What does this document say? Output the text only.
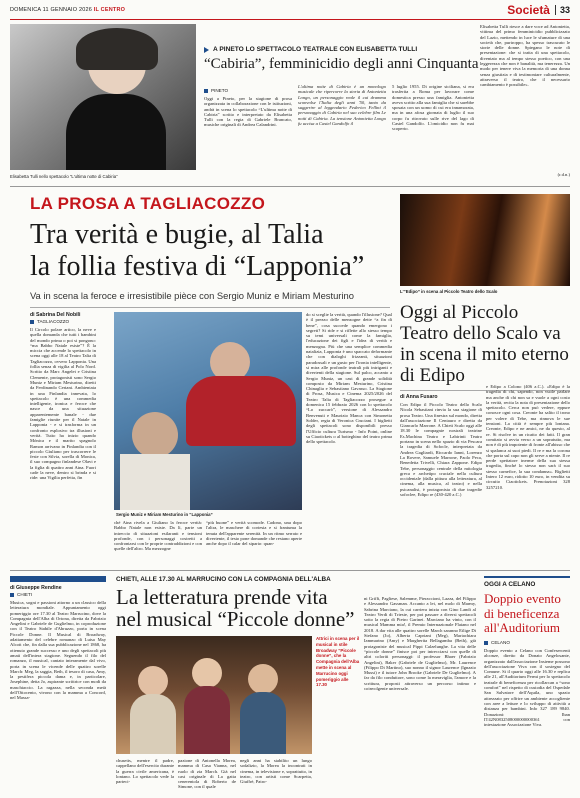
DOMENICA 11 GENNAIO 2026 IL CENTRO	Società	33
Elisabetta Tulli nello spettacolo “L'ultima notte di Cabiria”
A PINETO LO SPETTACOLO TEATRALE CON ELISABETTA TULLI
“Cabiria”, femminicidio degli anni Cinquanta
PINETO
Oggi a Pineto, per la stagione di prosa organizzata in collaborazione con le istituzioni, andrà in scena lo spettacolo “L'ultima notte di Cabiria” scritto e interpretato da Elisabetta Tulli con la regia di Gabriele Brancato, musiche originali di Andrea Calandrini.
L'ultima notte di Cabiria è un monologo musicale che ripercorre la storia di Antonietta Longo, un personaggio reale il cui dramma sconvolse l'Italia degli anni '50, tanto da suggerire al leggendario Federico Fellini il personaggio di Cabiria nel suo celebre film Le notti di Cabiria. La tensione Antonietta Longo fu uccisa a Castel Gandolfo il
5 luglio 1955. Di origine siciliana, si era trasferita a Roma per lavorare come domestica presso una famiglia. Antonietta aveva scritto alla sua famiglia che si sarebbe sposata con un uomo di cui era innamorata, ma in una afosa giornata di luglio il suo corpo fu ritrovato sulle rive del lago di Castel Gandolfo. L'omicidio non fu mai scoperto.
Elisabetta Tulli riesce a dare voce ad Antonietta, vittima del primo femminicidio pubblicizzato del Lazio, mettendo in luce le sfumature di una società che, purtroppo, ha spesso trascurato le storie delle donne. Spiegano le note di presentazione: che si tratta di una spettacolo, diventato ma al tempo stesso poetico, con una leggerezza che non è banalità, ma tenerezza. Un modo per tenere viva la memoria di una donna senza giustizia e di testimoniare culturalmente, attraverso il teatro, che il necessario cambiamento è possibile».
(r.d.n.)
LA PROSA A TAGLIACOZZO
Tra verità e bugie, al Talia
la follia festiva di “Lapponia”
Va in scena la feroce e irresistibile pièce con Sergio Muniz e Miriam Mesturino
di Sabrina Del Nobili
TAGLIACOZZO
Il Circolo polare artico, la neve e quella domanda che tutti i bambini del mondo prima o poi si pongono: “ma Babbo Natale esiste”? È la miccia che accende lo spettacolo in scena oggi alle 18 al Teatro Talia di Tagliacozzo, ovvero Lapponia. Una follia senza di vigilia al Polo Nord. Scritto da Marc Angelet e Cristina Clemente, protagonisti sono Sergio Muniz e Miriam Mesturino, diretti da Ferdinando Ceriani. Ambientata in una Finlandia innevata, lo spettacolo è una commedia intelligente, ironica e feroce che nasce da una situazione apparentemente banale - due famiglie riunite per il Natale in Lapponia - e si trasforma in un confronto esplosivo tra illusioni e verità. Tutto ha inizio quando Mónica e il marito spagnolo Ramon arrivano in Finlandia con il piccolo Giuliano per trascorrere le feste con Silvia, sorella di Monica, il suo compagno finlandese Olavi e la figlia di quattro anni Aina. Fuori cade la neve, dentro si brinda e si ride: una Vigilia perfetta, fin
Sergio Muniz e Miriam Mesturino in “Lapponia”
ché Aina rivela a Giuliano la feroce verità: Babbo Natale non esiste. Da lì, parte un intreccio di situazioni esilaranti e tensioni profonde, con i personaggi costretti a confrontarsi con le proprie contraddizioni e con quelle dell'altro. Ma mezzogne
“più buone” e verità scomode. Cadono, una dopo l'altra, le maschere di cortesia e si frantuma la tenuta dell'apparente serenità. In un ritmo serrato e divertente, il testo pone domande che restano aperte anche dopo il calar del sipario: quan-
do si sceglie la verità, quando l'illusione? Qual è il prezzo delle menzogne dette “a fin di bene”, cosa succede quando emergono i segreti? Si ride e si riflette allo stesso tempo su temi universali come la famiglia, l'educazione dei figli e l'idea di verità e menzogna. Più che una semplice commedia natalizia, Lapponia è uno spaccato deformante che con dialoghi frizzanti, situazioni paradossali e un gusto per l'ironia intelligente, si mira alle profonde teatrali più intriganti e divertenti della stagione. Sul palco, accanto a Sergio Muniz, un cast di grande solidità composto da Miriam Mesturino, Cristina Chinaglia e Sebastiano Gavasso. La Stagione di Prosa, Musica e Cinema 2025/2026 del Teatro Talia di Tagliacozzo prosegue a domenica 15 febbraio 2026 con lo spettacolo “Lo zuccarò”, versione di Alessandro Benvenuti e Maurizio Manca con Simonetta Solder, regia di Veronica Cruciani. I biglietti degli spettacoli sono disponibili presso l'Ufficio cultura Turismo - Info Point, online su Ciaotickets o al botteghino del teatro prima dello spettacolo.
L'“Edipo” in scena al Piccolo Teatro dello Scalo
Oggi al Piccolo Teatro dello Scalo va in scena il mito eterno di Edipo
di Anna Fusaro
Con Edipo il Piccolo Teatro dello Scalo Nicola Sebastiani rinvia la sua stagione di prosa Teatro. Una finestra sul mondo, diretta dall'associazione Il Centauro e diretta da Giancarlo Marrone. A Chieti Scalo oggi alle 18.30 le compagnie nostrali teatrine Es.Machina Teatro e Labirinti Teatro portano in scena nello spazio di via Pescara la tragedia di Sofocle, interpretata da Andrea Gagliardi, Riccardo Ianni, Lorenzo La Rovere, Samuele Marrone, Paolo Peca, Benedetta Trivelli, Chiara Zappone. Edipo Tebe, personaggio centrale della mitologia greca e archetipo cruciale nella cultura occidentale (dalla pittura alla letteratura, al cinema, alla musica, al teatro) e nella psicanalisi, è protagonista di due tragedie sofoclee, Edipo re (430-420 a.C.)
e Edipo a Colono (406 a.C.). «Edipo è la tragedia di chi, sapendo, non vuole parlare ma anche di chi non sa e vuole a ogni costo la verità, recita la nota di presentazione dello spettacolo. Cerca non può vedere, eppure conosce ogni cosa. Creonte ha salito il trono per volere di Tebe, ma rinnova le sue tensioni. La città è sempre più lontana. Creonte, Edipo e ne amici, ne da questo, al re. Si risolve in un ricatto dei fatti. Il gran comitato si avvia verso a un sopratutto, ma non è di più impotente di fronte all'abisso che si spalanca ai suoi piedi. Il re e ma la corona che porta sul capo non gli serve a niente. Il re perde spettatore inerme della sua stessa tragedia, finché lo stesso non sarà il suo stesso carnefice, la sua condanna». Biglietti Intero 12 euro, ridotto 10 euro, in vendita su circuito Ciaotickets. Prenotazioni 328 3257210.
di Giuseppe Rendine
CHIETI
Musica, sogni e passioni attorno a un classico della letteratura mondiale. Appuntamento oggi pomeriggio ore 17.30 al Teatro Marrucino, dove la Compagnia dell'Alba di Ortona, diretta da Fabrizio Angelini e Gabriele de Guglielmo, in coproduzione con il Teatro Stabile d'Abruzzo, porta in scena Piccole Donne. Il Musical di Broadway, adattamento del celebre romanzo di Luisa May Alcott che, fin dalla sua pubblicazione nel 1868, ha ottenuto grande successo e uno degli spettacoli più amati dell'intera stagione. Seguendo il filo del romanzo, il musical, cantato interamente dal vivo, porta in scena le vicende delle quattro sorelle March: Meg, la saggia, Beth, il tesoro di casa, Amy, la pestifera piccola dama e, in particolare, Josephine, detta Jo, aspirante scrittrice con modi da maschiaccio. La ragazza, nella seconda metà dell'Ottocento, vivono con la mamma a Concord, nel Massa-
CHIETI, ALLE 17.30 AL MARRUCINO CON LA COMPAGNIA DELL'ALBA
La letteratura prende vita
nel musical “Piccole donne”
Attrici in scena per il musical in stile Broadway “Piccole donne”, che la Compagnia dell'Alba mette in scena al Marrucino oggi pomeriggio alle 17.30
chusetts, mentre il padre, cappellano dell'esercito durante la guerra civile americana, è lontano. Lo spettacolo vede la parteci-
pazione di Antonella Morea, mamma di Casa Vianna, nel ruolo di zia March. Già nel cast originale di La gatta cenerentola di Roberto de Simone, con il quale
negli anni ha stabilito un lungo sodalizio, la Morea la incontrati in cinema, in televisione e, soprattutto, in teatro, con artisti come Scarpetta, Giuffrè, Patro-
ni Griffi, Pagliese, Salemme, Pieraccioni, Lazza, del Filippo e Alessandro Gassman. Accanto a lei, nel molo di Marmy, Sabrina Marciano, la cui carriera inizia con Gino Landi al Teatro Verdi di Trieste, per poi passare a diversi spettacoli sotto la regia di Pietro Garinei. Marciano ha vinto, con il musical Mamma mia!, il Premio Internazionale Flaiano nel 2018. A dar vita alle quattro sorelle March saranno Eilige Di Stefano (Jo), Alberta Capriani (Meg), Mariachiara Iammarino (Amy) e Margherita Bellagamba (Beth), già protagoniste del musical Pippi Calzelunghe. La vita delle “piccole donne” finisce poi per intrecciarsi con quelle di altri coloriti personaggi: il professor Bhaer (Fabrizio Angelini), Baker (Gabriele de Guglielmo), Mr. Laurence (Filippo Di Martino), suo nonno il signor Laurence (Ignazio Mussi) e il tutore John Brooke (Gabriele De Guglielmo). A far da filo conduttore, sono come la meraviglia, l'amore e la scrittura, proposti attraverso un percorso intimo e coinvolgente universale.
OGGI A CELANO
Doppio evento di beneficenza all'Auditorium
CELANO
Doppio evento a Celano con Confesercenti alconze, diretto da Donato Angelosante, organizzato dall'associazione Insieme possono dell'associazione Viva con il sostegno del Comune. Si il quarto oggi alle 16.30 e replica alle 21, all'Auditorium Fermi per lo spettacolo teatrale di beneficenza per ricollarcan a “sono comfort” nel rispetto di custodia del Ospedale San Salvatore dell'Aquila, uno spazio attrezzato per offrire un ambiente accogliente con aree a letture e lo sviluppo di attività a distanza per bambini. Info 327 189 9840. Donazioni: Iban IT42N0832508000000000361 con intestazione Associazione Viva.
